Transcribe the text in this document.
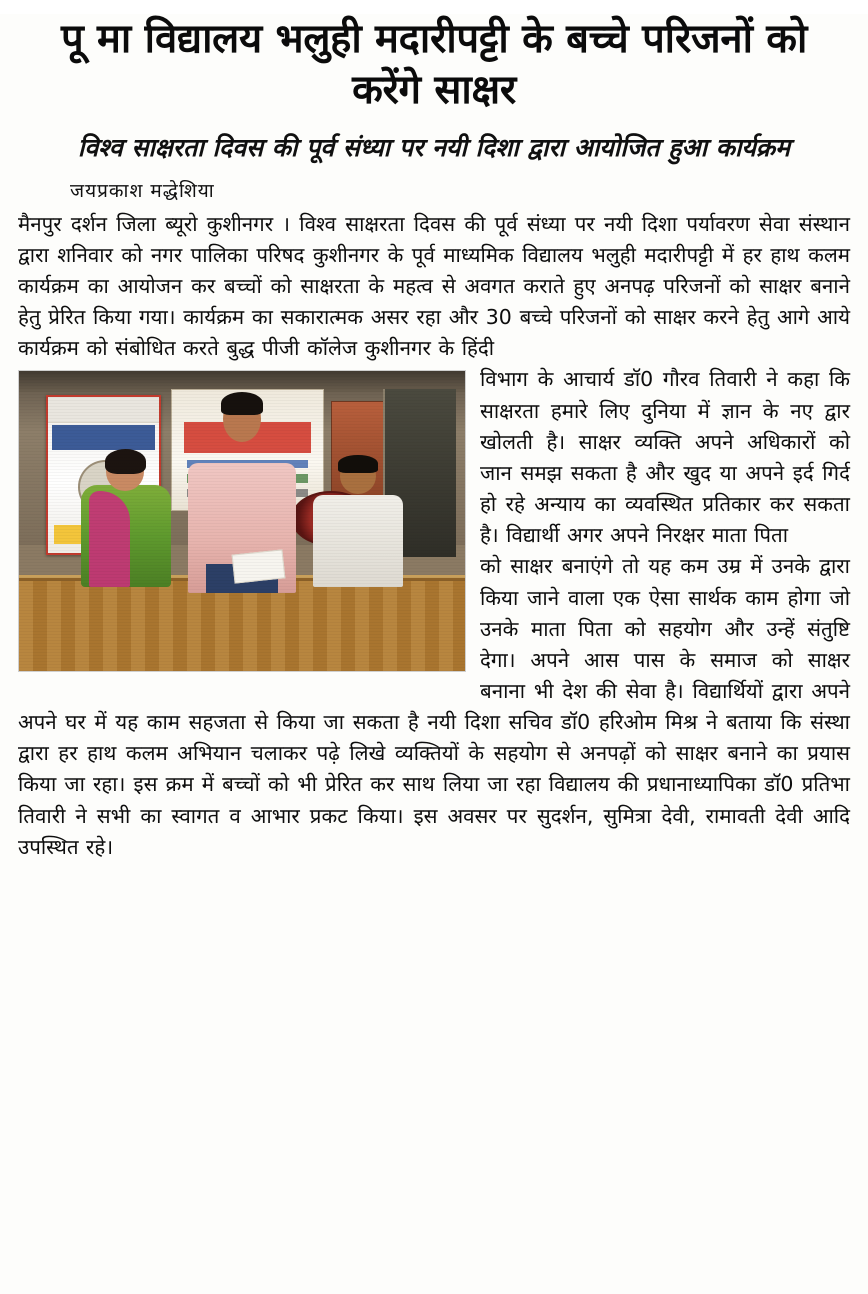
पू मा विद्यालय भलुही मदारीपट्टी के बच्चे परिजनों को करेंगे साक्षर
विश्व साक्षरता दिवस की पूर्व संध्या पर नयी दिशा द्वारा आयोजित हुआ कार्यक्रम
जयप्रकाश मद्धेशिया

मैनपुर दर्शन जिला ब्यूरो कुशीनगर । विश्व साक्षरता दिवस की पूर्व संध्या पर नयी दिशा पर्यावरण सेवा संस्थान द्वारा शनिवार को नगर पालिका परिषद कुशीनगर के पूर्व माध्यमिक विद्यालय भलुही मदारीपट्टी में हर हाथ कलम कार्यक्रम का आयोजन कर बच्चों को साक्षरता के महत्व से अवगत कराते हुए अनपढ़ परिजनों को साक्षर बनाने हेतु प्रेरित किया गया। कार्यक्रम का सकारात्मक असर रहा और 30 बच्चे परिजनों को साक्षर करने हेतु आगे आये कार्यक्रम को संबोधित करते बुद्ध पीजी कॉलेज कुशीनगर के हिंदी

विभाग के आचार्य डॉ0 गौरव तिवारी ने कहा कि साक्षरता हमारे लिए दुनिया में ज्ञान के नए द्वार खोलती है। साक्षर व्यक्ति अपने अधिकारों को जान समझ सकता है और खुद या अपने इर्द गिर्द हो रहे अन्याय का व्यवस्थित प्रतिकार कर सकता है। विद्यार्थी अगर अपने निरक्षर माता पिता

को साक्षर बनाएंगे तो यह कम उम्र में उनके द्वारा किया जाने वाला एक ऐसा सार्थक काम होगा जो उनके माता पिता को सहयोग और उन्हें संतुष्टि देगा। अपने आस पास के समाज को साक्षर बनाना भी देश की सेवा है। विद्यार्थियों द्वारा अपने अपने घर में यह काम सहजता से किया जा सकता है नयी दिशा सचिव डॉ0 हरिओम मिश्र ने बताया कि संस्था द्वारा हर हाथ कलम अभियान चलाकर पढ़े लिखे व्यक्तियों के सहयोग से अनपढ़ों को साक्षर बनाने का प्रयास किया जा रहा। इस क्रम में बच्चों को भी प्रेरित कर साथ लिया जा रहा विद्यालय की प्रधानाध्यापिका डॉ0 प्रतिभा तिवारी ने सभी का स्वागत व आभार प्रकट किया। इस अवसर पर सुदर्शन, सुमित्रा देवी, रामावती देवी आदि उपस्थित रहे।
